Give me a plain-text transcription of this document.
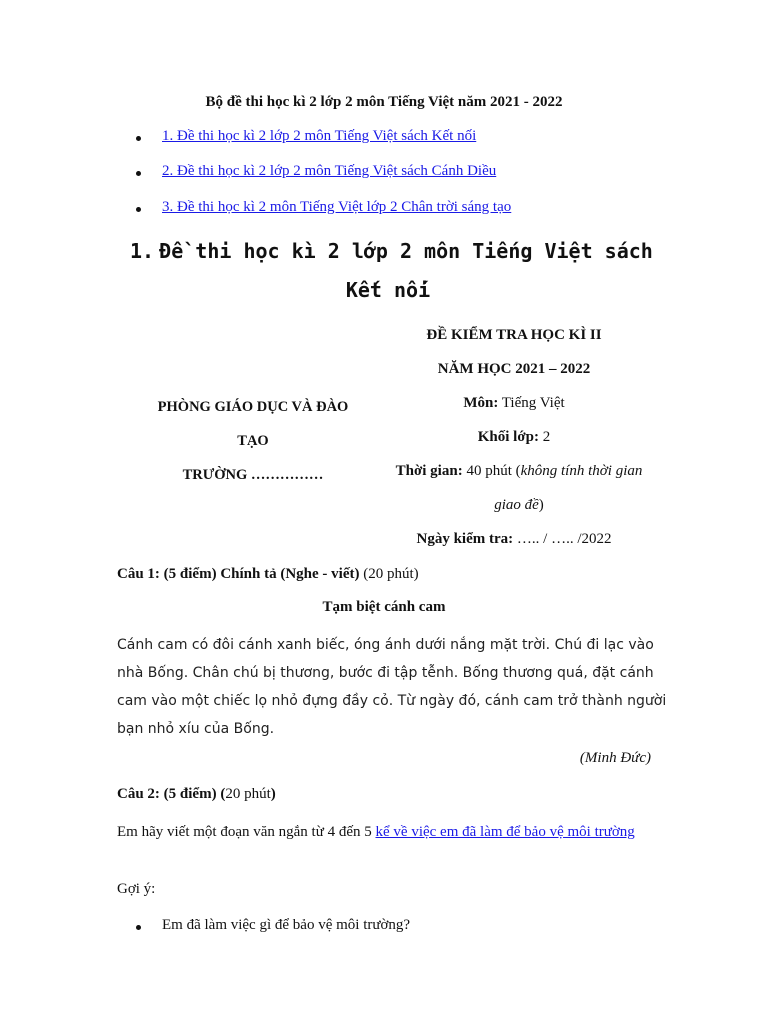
Bộ đề thi học kì 2 lớp 2 môn Tiếng Việt năm 2021 - 2022
1. Đề thi học kì 2 lớp 2 môn Tiếng Việt sách Kết nối
2. Đề thi học kì 2 lớp 2 môn Tiếng Việt sách Cánh Diều
3. Đề thi học kì 2 môn Tiếng Việt lớp 2 Chân trời sáng tạo
1. Đề thi học kì 2 lớp 2 môn Tiếng Việt sách
Kết nối
PHÒNG GIÁO DỤC VÀ ĐÀO
TẠO
TRƯỜNG ……………
ĐỀ KIỂM TRA HỌC KÌ II
NĂM HỌC 2021 – 2022
Môn: Tiếng Việt
Khối lớp: 2
Thời gian: 40 phút (không tính thời gian
giao đề)
Ngày kiểm tra: ….. / ….. /2022
Câu 1: (5 điểm) Chính tả (Nghe - viết) (20 phút)
Tạm biệt cánh cam
Cánh cam có đôi cánh xanh biếc, óng ánh dưới nắng mặt trời. Chú đi lạc vào
nhà Bống. Chân chú bị thương, bước đi tập tễnh. Bống thương quá, đặt cánh
cam vào một chiếc lọ nhỏ đựng đầy cỏ. Từ ngày đó, cánh cam trở thành người
bạn nhỏ xíu của Bống.
(Minh Đức)
Câu 2: (5 điểm) (20 phút)
Em hãy viết một đoạn văn ngắn từ 4 đến 5 kể về việc em đã làm để bảo vệ môi trường
Gợi ý:
Em đã làm việc gì để bảo vệ môi trường?
